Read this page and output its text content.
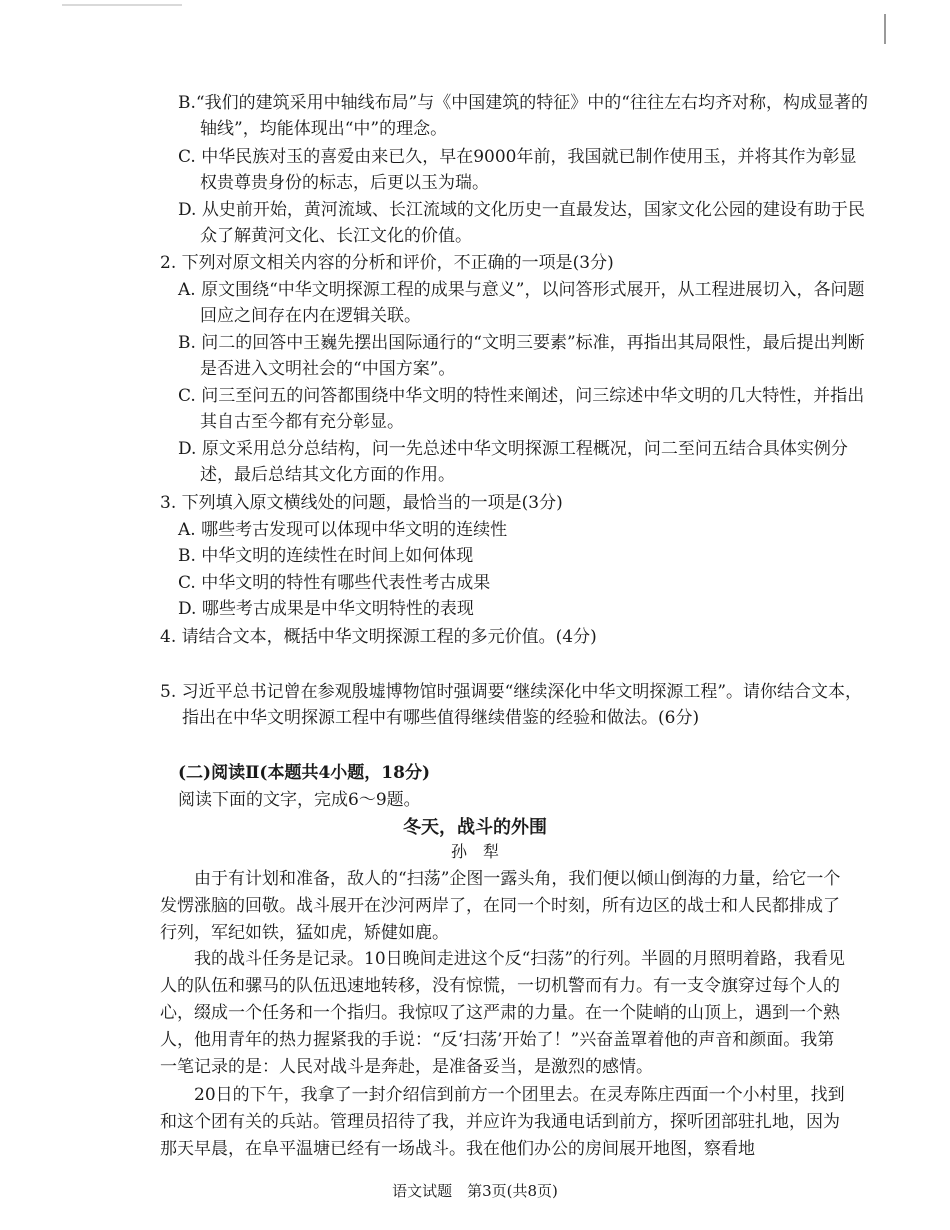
B.“我们的建筑采用中轴线布局”与《中国建筑的特征》中的“往往左右均齐对称，构成显著的轴线”，均能体现出“中”的理念。
C. 中华民族对玉的喜爱由来已久，早在9000年前，我国就已制作使用玉，并将其作为彰显权贵尊贵身份的标志，后更以玉为瑞。
D. 从史前开始，黄河流域、长江流域的文化历史一直最发达，国家文化公园的建设有助于民众了解黄河文化、长江文化的价值。
2. 下列对原文相关内容的分析和评价，不正确的一项是(3分)
A. 原文围绕“中华文明探源工程的成果与意义”，以问答形式展开，从工程进展切入，各问题回应之间存在内在逻辑关联。
B. 问二的回答中王巍先摆出国际通行的“文明三要素”标准，再指出其局限性，最后提出判断是否进入文明社会的“中国方案”。
C. 问三至问五的问答都围绕中华文明的特性来阐述，问三综述中华文明的几大特性，并指出其自古至今都有充分彰显。
D. 原文采用总分总结构，问一先总述中华文明探源工程概况，问二至问五结合具体实例分述，最后总结其文化方面的作用。
3. 下列填入原文横线处的问题，最恰当的一项是(3分)
A. 哪些考古发现可以体现中华文明的连续性
B. 中华文明的连续性在时间上如何体现
C. 中华文明的特性有哪些代表性考古成果
D. 哪些考古成果是中华文明特性的表现
4. 请结合文本，概括中华文明探源工程的多元价值。(4分)
5. 习近平总书记曾在参观殷墟博物馆时强调要“继续深化中华文明探源工程”。请你结合文本，指出在中华文明探源工程中有哪些值得继续借鉴的经验和做法。(6分)
(二)阅读Ⅱ(本题共4小题，18分)
阅读下面的文字，完成6～9题。
冬天，战斗的外围
孙　犁
由于有计划和准备，敌人的“扫荡”企图一露头角，我们便以倾山倒海的力量，给它一个发愣涨脑的回敬。战斗展开在沙河两岸了，在同一个时刻，所有边区的战士和人民都排成了行列，军纪如铁，猛如虎，矫健如鹿。
我的战斗任务是记录。10日晚间走进这个反“扫荡”的行列。半圆的月照明着路，我看见人的队伍和骡马的队伍迅速地转移，没有惊慌，一切机警而有力。有一支令旗穿过每个人的心，缀成一个任务和一个指归。我惊叹了这严肃的力量。在一个陡峭的山顶上，遇到一个熟人，他用青年的热力握紧我的手说：“反‘扫荡’开始了！”兴奋盖罩着他的声音和颜面。我第一笔记录的是：人民对战斗是奔赴，是准备妥当，是激烈的感情。
20日的下午，我拿了一封介绍信到前方一个团里去。在灵寿陈庄西面一个小村里，找到和这个团有关的兵站。管理员招待了我，并应许为我通电话到前方，探听团部驻扎地，因为那天早晨，在阜平温塘已经有一场战斗。我在他们办公的房间展开地图，察看地
语文试题　第3页(共8页)
